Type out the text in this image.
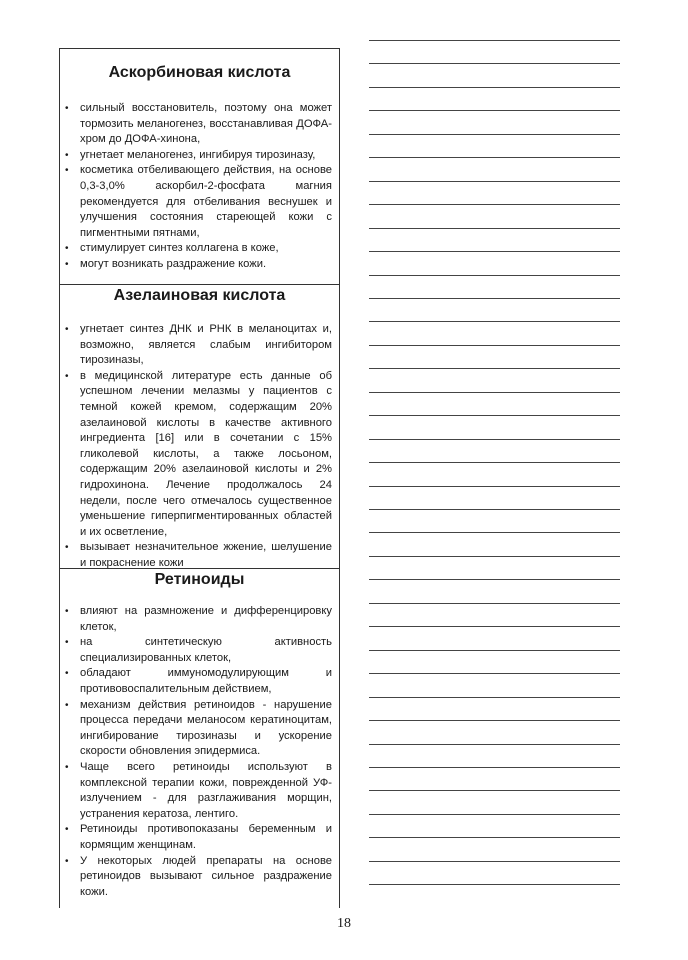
Аскорбиновая кислота
• сильный восстановитель, поэтому она может тормозить меланогенез, восстанавливая ДОФА-хром до ДОФА-хинона,
• угнетает меланогенез, ингибируя тирозиназу,
• косметика отбеливающего действия, на основе 0,3-3,0% аскорбил-2-фосфата магния рекомендуется для отбеливания веснушек и улучшения состояния стареющей кожи с пигментными пятнами,
• стимулирует синтез коллагена в коже,
• могут возникать раздражение кожи.
Азелаиновая кислота
• угнетает синтез ДНК и РНК в меланоцитах и, возможно, является слабым ингибитором тирозиназы,
• в медицинской литературе есть данные об успешном лечении мелазмы у пациентов с темной кожей кремом, содержащим 20% азелаиновой кислоты в качестве активного ингредиента [16] или в сочетании с 15% гликолевой кислоты, а также лосьоном, содержащим 20% азелаиновой кислоты и 2% гидрохинона. Лечение продолжалось 24 недели, после чего отмечалось существенное уменьшение гиперпигментированных областей и их осветление,
• вызывает незначительное жжение, шелушение и покраснение кожи
Ретиноиды
• влияют на размножение и дифференцировку клеток,
• на синтетическую активность специализированных клеток,
• обладают иммуномодулирующим и противовоспалительным действием,
• механизм действия ретиноидов - нарушение процесса передачи меланосом кератиноцитам, ингибирование тирозиназы и ускорение скорости обновления эпидермиса.
• Чаще всего ретиноиды используют в комплексной терапии кожи, поврежденной УФ-излучением - для разглаживания морщин, устранения кератоза, лентиго.
• Ретиноиды противопоказаны беременным и кормящим женщинам.
• У некоторых людей препараты на основе ретиноидов вызывают сильное раздражение кожи.
18
